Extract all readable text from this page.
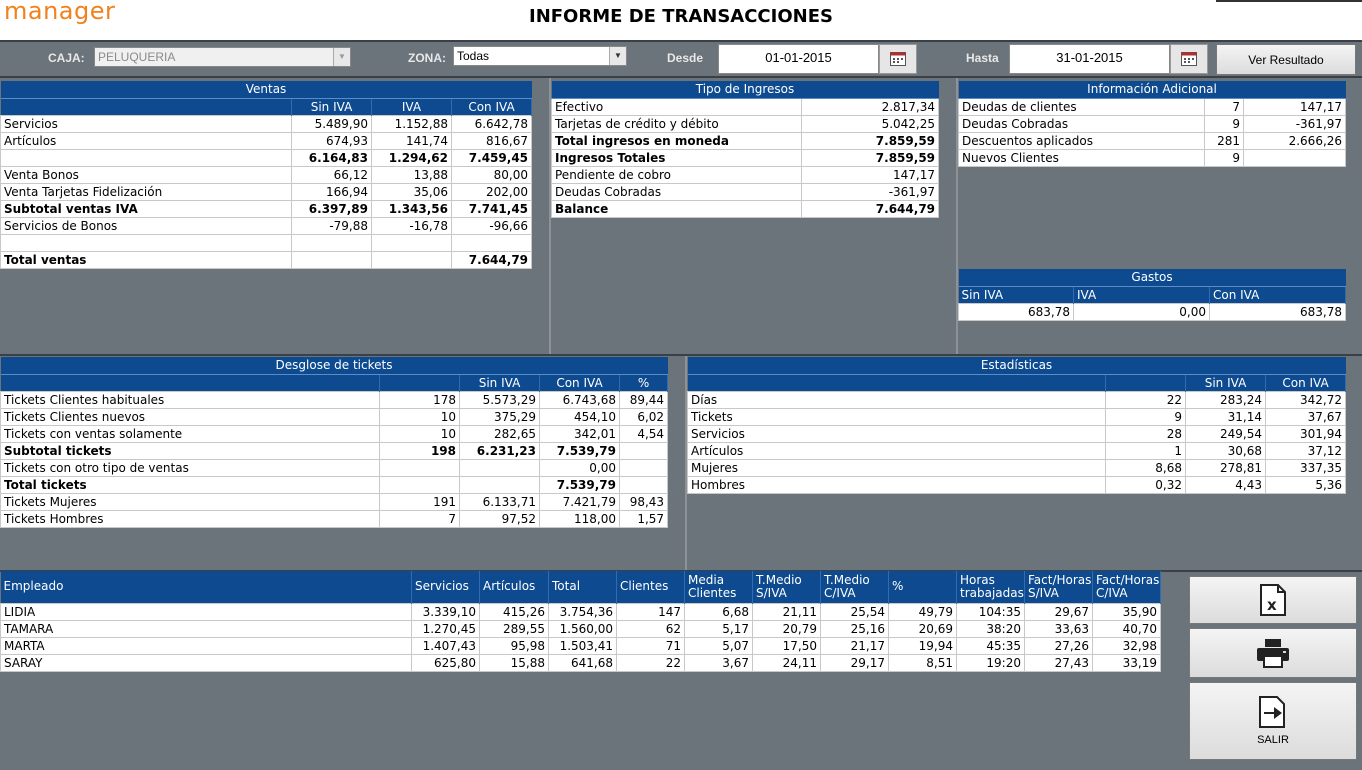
manager	INFORME DE TRANSACCIONES
CAJA:	PELUQUERIA	▼	ZONA: Todas	▼	Desde	01-01-2015	Hasta	31-01-2015	Ver Resultado
Ventas			
	Sin IVA	IVA	Con IVA
Servicios	5.489,90	1.152,88	6.642,78
Artículos	674,93	141,74	816,67
	6.164,83	1.294,62	7.459,45
Venta Bonos	66,12	13,88	80,00
Venta Tarjetas Fidelización	166,94	35,06	202,00
Subtotal ventas IVA	6.397,89	1.343,56	7.741,45
Servicios de Bonos	-79,88	-16,78	-96,66

Total ventas			7.644,79
Tipo de Ingresos	
Efectivo	2.817,34
Tarjetas de crédito y débito	5.042,25
Total ingresos en moneda	7.859,59
Ingresos Totales	7.859,59
Pendiente de cobro	147,17
Deudas Cobradas	-361,97
Balance	7.644,79
Información Adicional		
Deudas de clientes	7	147,17
Deudas Cobradas	9	-361,97
Descuentos aplicados	281	2.666,26
Nuevos Clientes	9	
Gastos		
Sin IVA	IVA	Con IVA
683,78	0,00	683,78
Desglose de tickets				
		Sin IVA	Con IVA	%
Tickets Clientes habituales	178	5.573,29	6.743,68	89,44
Tickets Clientes nuevos	10	375,29	454,10	6,02
Tickets con ventas solamente	10	282,65	342,01	4,54
Subtotal tickets	198	6.231,23	7.539,79	
Tickets con otro tipo de ventas			0,00	
Total tickets			7.539,79	
Tickets Mujeres	191	6.133,71	7.421,79	98,43
Tickets Hombres	7	97,52	118,00	1,57
Estadísticas			
		Sin IVA	Con IVA
Días	22	283,24	342,72
Tickets	9	31,14	37,67
Servicios	28	249,54	301,94
Artículos	1	30,68	37,12
Mujeres	8,68	278,81	337,35
Hombres	0,32	4,43	5,36
Empleado	Servicios	Artículos	Total	Clientes	Media Clientes	T.Medio S/IVA	T.Medio C/IVA	%	Horas trabajadas	Fact/Horas S/IVA	Fact/Horas C/IVA
LIDIA	3.339,10	415,26	3.754,36	147	6,68	21,11	25,54	49,79	104:35	29,67	35,90
TAMARA	1.270,45	289,55	1.560,00	62	5,17	20,79	25,16	20,69	38:20	33,63	40,70
MARTA	1.407,43	95,98	1.503,41	71	5,07	17,50	21,17	19,94	45:35	27,26	32,98
SARAY	625,80	15,88	641,68	22	3,67	24,11	29,17	8,51	19:20	27,43	33,19
x
SALIR
